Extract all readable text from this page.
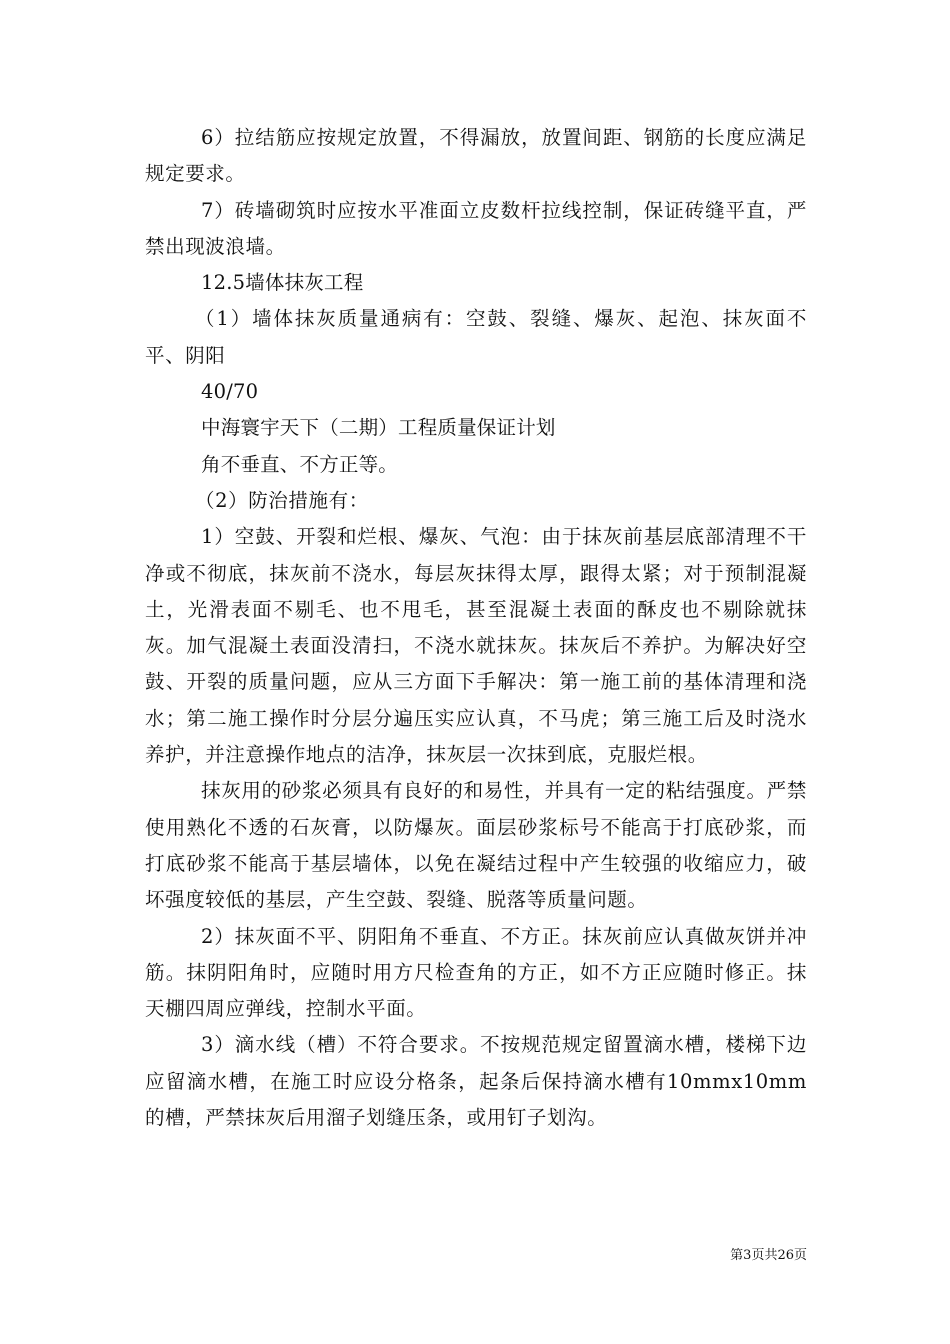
6）拉结筋应按规定放置，不得漏放，放置间距、钢筋的长度应满足规定要求。

7）砖墙砌筑时应按水平准面立皮数杆拉线控制，保证砖缝平直，严禁出现波浪墙。

12.5墙体抹灰工程

（1）墙体抹灰质量通病有：空鼓、裂缝、爆灰、起泡、抹灰面不平、阴阳

40/70

中海寰宇天下（二期）工程质量保证计划

角不垂直、不方正等。

（2）防治措施有：

1）空鼓、开裂和烂根、爆灰、气泡：由于抹灰前基层底部清理不干净或不彻底，抹灰前不浇水，每层灰抹得太厚，跟得太紧；对于预制混凝土，光滑表面不剔毛、也不甩毛，甚至混凝土表面的酥皮也不剔除就抹灰。加气混凝土表面没清扫，不浇水就抹灰。抹灰后不养护。为解决好空鼓、开裂的质量问题，应从三方面下手解决：第一施工前的基体清理和浇水；第二施工操作时分层分遍压实应认真，不马虎；第三施工后及时浇水养护，并注意操作地点的洁净，抹灰层一次抹到底，克服烂根。

抹灰用的砂浆必须具有良好的和易性，并具有一定的粘结强度。严禁使用熟化不透的石灰膏，以防爆灰。面层砂浆标号不能高于打底砂浆，而打底砂浆不能高于基层墙体，以免在凝结过程中产生较强的收缩应力，破坏强度较低的基层，产生空鼓、裂缝、脱落等质量问题。

2）抹灰面不平、阴阳角不垂直、不方正。抹灰前应认真做灰饼并冲筋。抹阴阳角时，应随时用方尺检查角的方正，如不方正应随时修正。抹天棚四周应弹线，控制水平面。

3）滴水线（槽）不符合要求。不按规范规定留置滴水槽，楼梯下边应留滴水槽，在施工时应设分格条，起条后保持滴水槽有10mmx10mm的槽，严禁抹灰后用溜子划缝压条，或用钉子划沟。

第3页共26页
